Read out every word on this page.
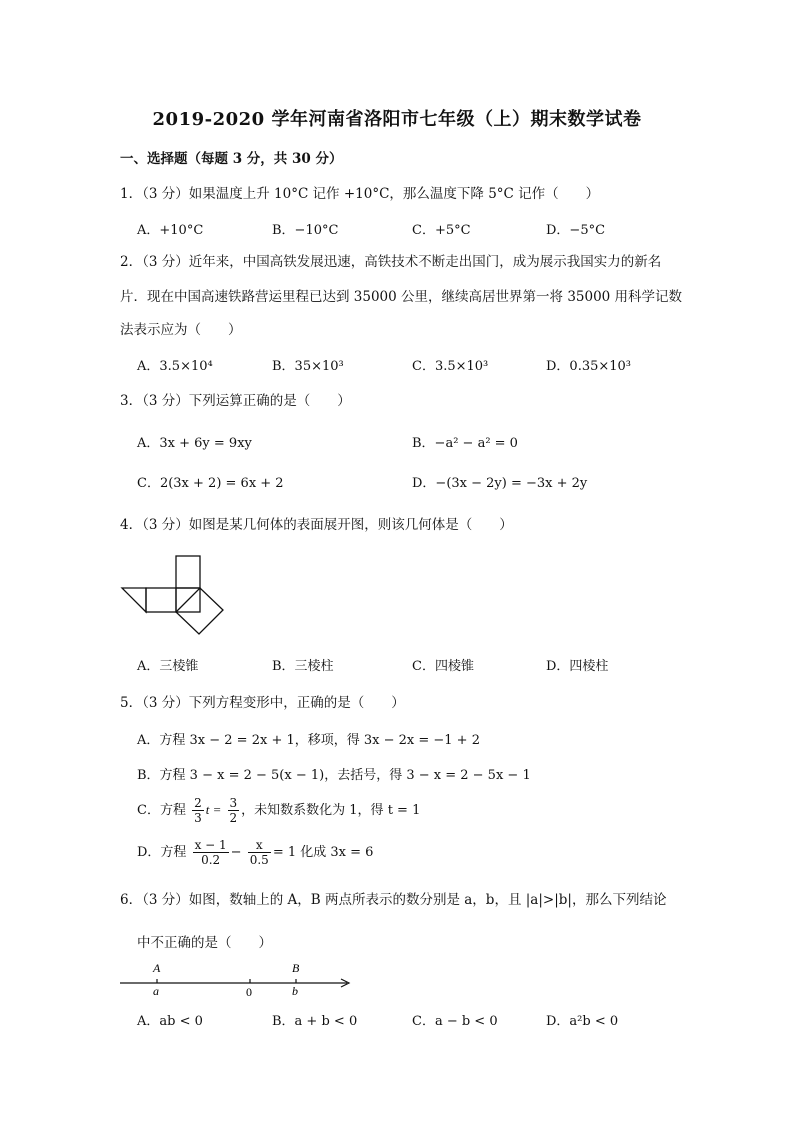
2019-2020 学年河南省洛阳市七年级（上）期末数学试卷
一、选择题（每题 3 分，共 30 分）
1．（3 分）如果温度上升 10°C 记作 +10°C，那么温度下降 5°C 记作（　　）
A．+10°C	B．−10°C	C．+5°C	D．−5°C
2．（3 分）近年来，中国高铁发展迅速，高铁技术不断走出国门，成为展示我国实力的新名
片．现在中国高速铁路营运里程已达到 35000 公里，继续高居世界第一将 35000 用科学记数
法表示应为（　　）
A．3.5×10⁴	B．35×10³	C．3.5×10³	D．0.35×10³
3．（3 分）下列运算正确的是（　　）
A．3x + 6y = 9xy	B．−a² − a² = 0
C．2(3x + 2) = 6x + 2	D．−(3x − 2y) = −3x + 2y
4．（3 分）如图是某几何体的表面展开图，则该几何体是（　　）
A．三棱锥	B．三棱柱	C．四棱锥	D．四棱柱
5．（3 分）下列方程变形中，正确的是（　　）
A．方程 3x − 2 = 2x + 1，移项，得 3x − 2x = −1 + 2
B．方程 3 − x = 2 − 5(x − 1)，去括号，得 3 − x = 2 − 5x − 1
C．方程 $\frac{2}{3}$ $t = \frac{3}{2}$ ，未知数系数化为 1，得 t = 1
D．方程 $\frac{x - 1}{0.2} - \frac{x}{0.5} = 1$ 化成 3x = 6
6．（3 分）如图，数轴上的 A，B 两点所表示的数分别是 a，b，且 |a|>|b|，那么下列结论
中不正确的是（　　）
A
a	0
B
b
A．ab < 0	B．a + b < 0	C．a − b < 0	D．a²b < 0
